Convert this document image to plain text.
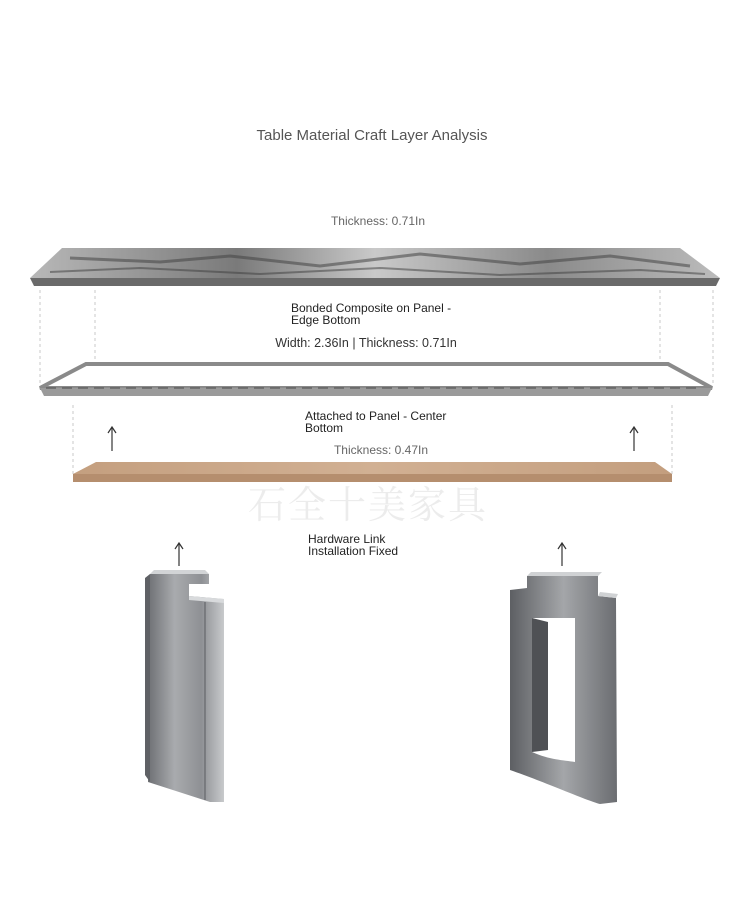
Table Material Craft Layer Analysis
Thickness: 0.71In
Bonded Composite on Panel -
Edge Bottom
Width: 2.36In | Thickness: 0.71In
Attached to Panel - Center
Bottom
Thickness: 0.47In
石全十美家具
Hardware Link
Installation Fixed
